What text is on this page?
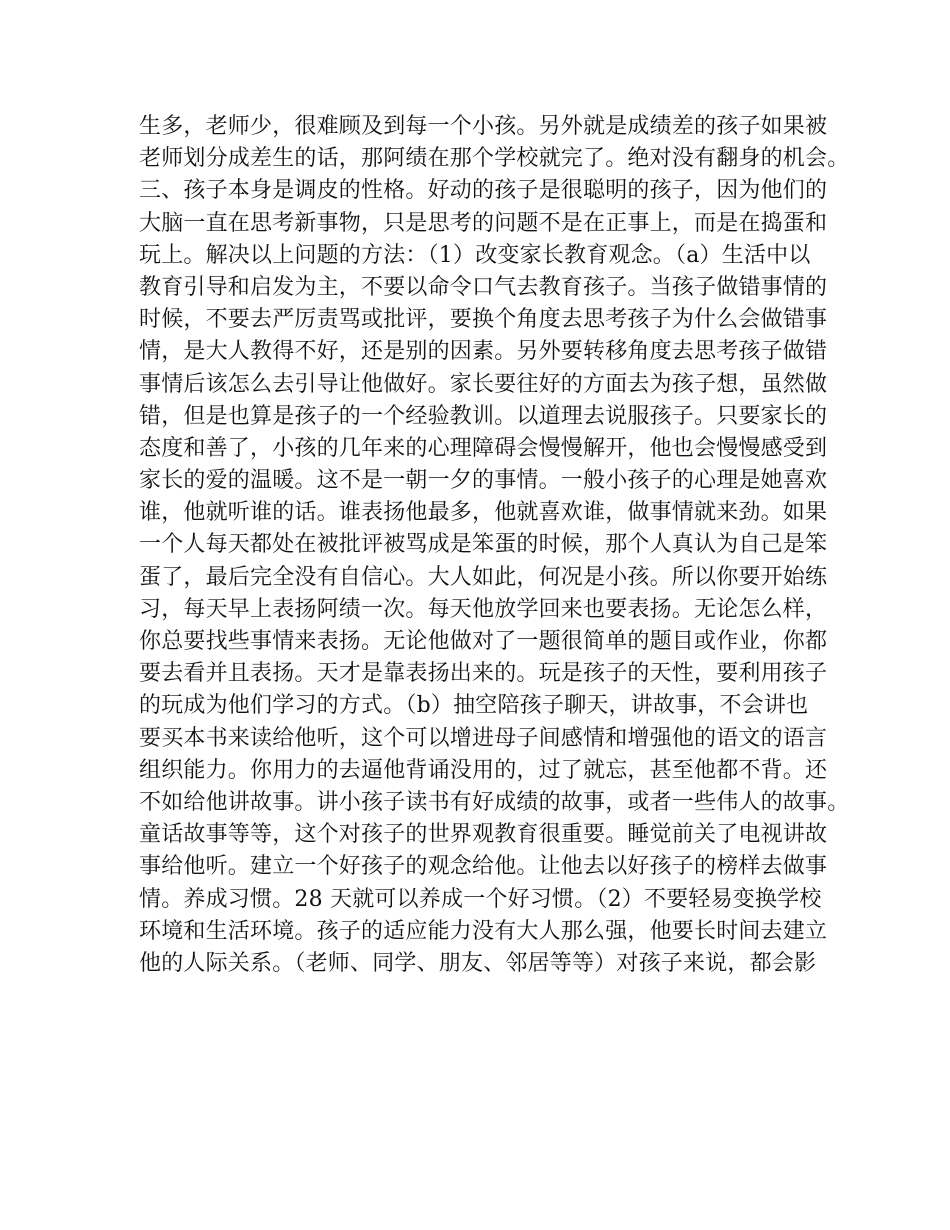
生多，老师少，很难顾及到每一个小孩。另外就是成绩差的孩子如果被
老师划分成差生的话，那阿绩在那个学校就完了。绝对没有翻身的机会。
三、孩子本身是调皮的性格。好动的孩子是很聪明的孩子，因为他们的
大脑一直在思考新事物，只是思考的问题不是在正事上，而是在捣蛋和
玩上。解决以上问题的方法：（1）改变家长教育观念。（a）生活中以
教育引导和启发为主，不要以命令口气去教育孩子。当孩子做错事情的
时候，不要去严厉责骂或批评，要换个角度去思考孩子为什么会做错事
情，是大人教得不好，还是别的因素。另外要转移角度去思考孩子做错
事情后该怎么去引导让他做好。家长要往好的方面去为孩子想，虽然做
错，但是也算是孩子的一个经验教训。以道理去说服孩子。只要家长的
态度和善了，小孩的几年来的心理障碍会慢慢解开，他也会慢慢感受到
家长的爱的温暖。这不是一朝一夕的事情。一般小孩子的心理是她喜欢
谁，他就听谁的话。谁表扬他最多，他就喜欢谁，做事情就来劲。如果
一个人每天都处在被批评被骂成是笨蛋的时候，那个人真认为自己是笨
蛋了，最后完全没有自信心。大人如此，何况是小孩。所以你要开始练
习，每天早上表扬阿绩一次。每天他放学回来也要表扬。无论怎么样，
你总要找些事情来表扬。无论他做对了一题很简单的题目或作业，你都
要去看并且表扬。天才是靠表扬出来的。玩是孩子的天性，要利用孩子
的玩成为他们学习的方式。（b）抽空陪孩子聊天，讲故事，不会讲也
要买本书来读给他听，这个可以增进母子间感情和增强他的语文的语言
组织能力。你用力的去逼他背诵没用的，过了就忘，甚至他都不背。还
不如给他讲故事。讲小孩子读书有好成绩的故事，或者一些伟人的故事。
童话故事等等，这个对孩子的世界观教育很重要。睡觉前关了电视讲故
事给他听。建立一个好孩子的观念给他。让他去以好孩子的榜样去做事
情。养成习惯。28 天就可以养成一个好习惯。（2）不要轻易变换学校
环境和生活环境。孩子的适应能力没有大人那么强，他要长时间去建立
他的人际关系。（老师、同学、朋友、邻居等等）对孩子来说，都会影
